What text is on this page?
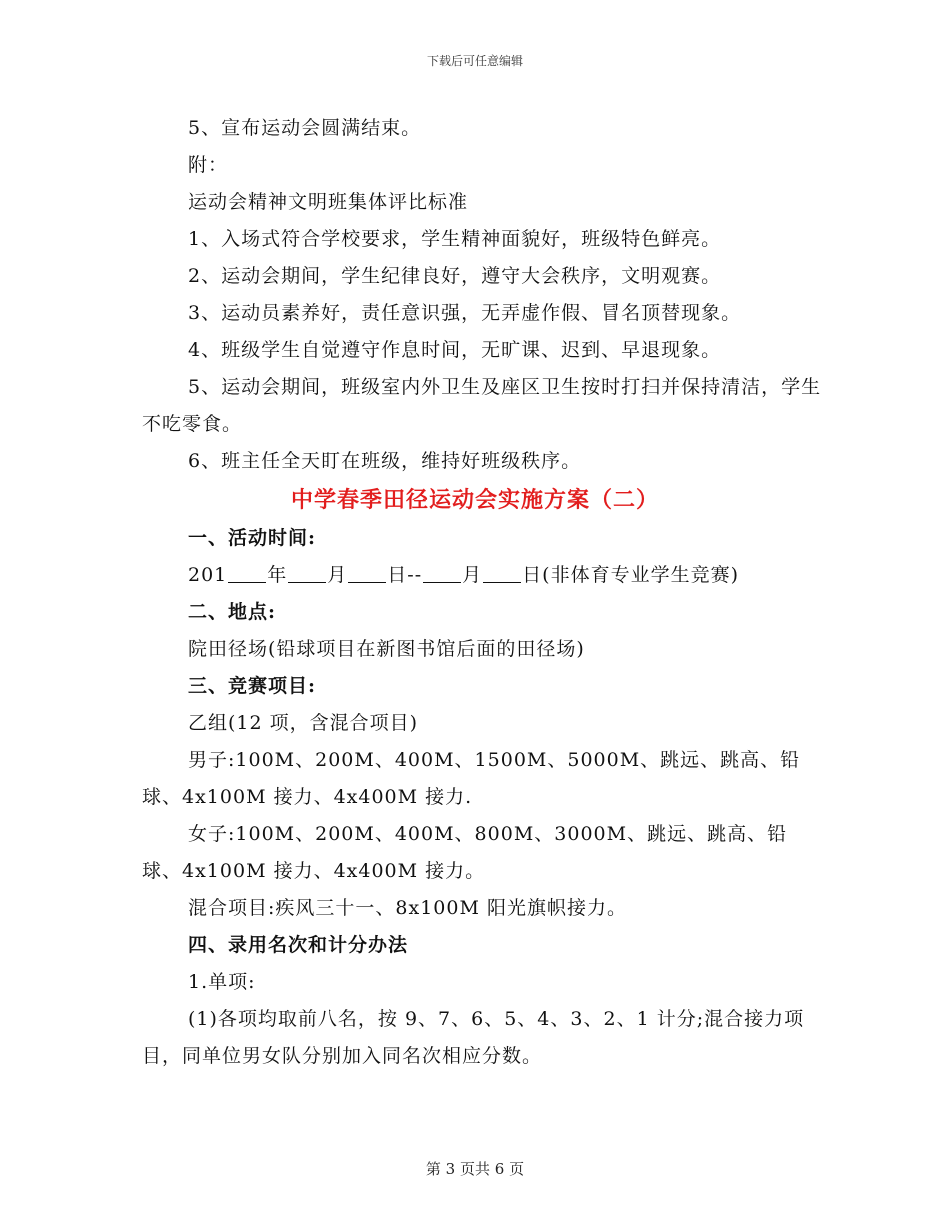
下载后可任意编辑
5、宣布运动会圆满结束。
附：
运动会精神文明班集体评比标准
1、入场式符合学校要求，学生精神面貌好，班级特色鲜亮。
2、运动会期间，学生纪律良好，遵守大会秩序，文明观赛。
3、运动员素养好，责任意识强，无弄虚作假、冒名顶替现象。
4、班级学生自觉遵守作息时间，无旷课、迟到、早退现象。
5、运动会期间，班级室内外卫生及座区卫生按时打扫并保持清洁，学生不吃零食。
6、班主任全天盯在班级，维持好班级秩序。
中学春季田径运动会实施方案（二）
一、活动时间:
201 年 月 日-- 月 日(非体育专业学生竞赛)
二、地点:
院田径场(铅球项目在新图书馆后面的田径场)
三、竞赛项目:
乙组(12 项，含混合项目)
男子:100M、200M、400M、1500M、5000M、跳远、跳高、铅球、4x100M 接力、4x400M 接力.
女子:100M、200M、400M、800M、3000M、跳远、跳高、铅球、4x100M 接力、4x400M 接力。
混合项目:疾风三十一、8x100M 阳光旗帜接力。
四、录用名次和计分办法
1.单项:
(1)各项均取前八名，按 9、7、6、5、4、3、2、1 计分;混合接力项目，同单位男女队分别加入同名次相应分数。
第 3 页共 6 页
